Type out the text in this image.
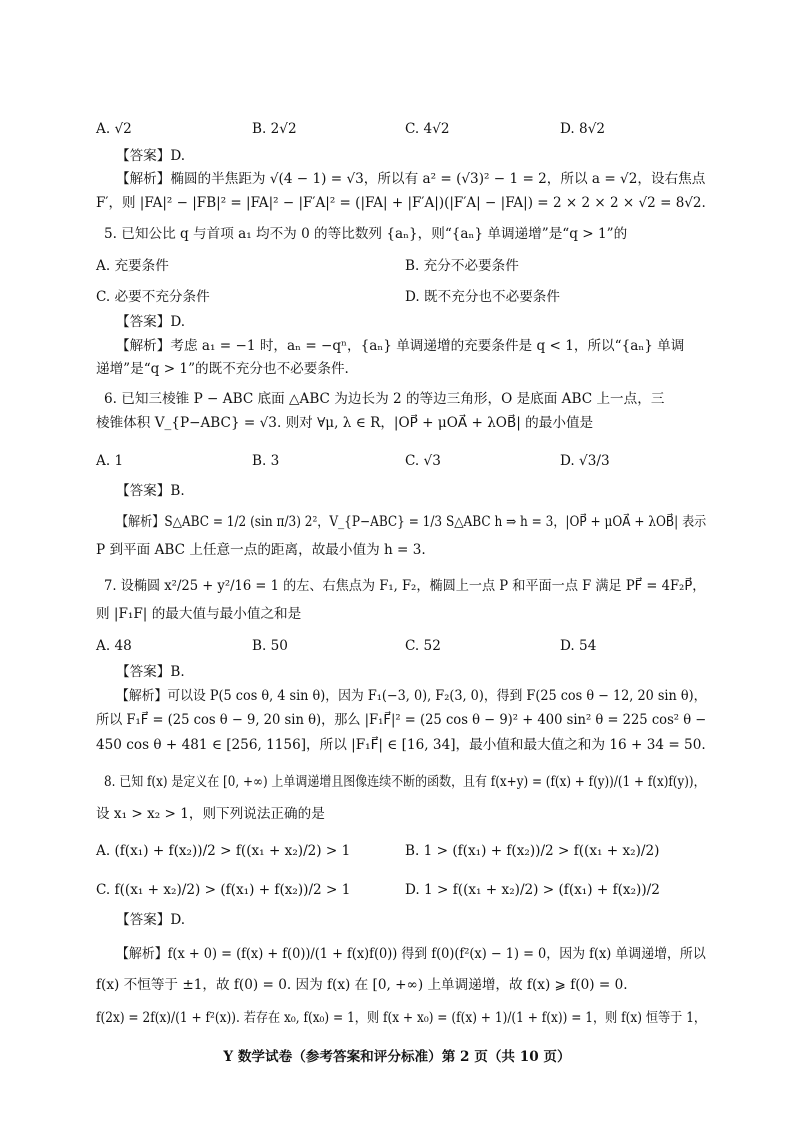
A. √2	B. 2√2	C. 4√2	D. 8√2
【答案】D.
【解析】椭圆的半焦距为 √(4 − 1) = √3，所以有 a² = (√3)² − 1 = 2，所以 a = √2，设右焦点
F′，则 |FA|² − |FB|² = |FA|² − |F′A|² = (|FA| + |F′A|)(|F′A| − |FA|) = 2 × 2 × 2 × √2 = 8√2.
5. 已知公比 q 与首项 a₁ 均不为 0 的等比数列 {aₙ}，则“{aₙ} 单调递增”是“q > 1”的
A. 充要条件	B. 充分不必要条件
C. 必要不充分条件	D. 既不充分也不必要条件
【答案】D.
【解析】考虑 a₁ = −1 时，aₙ = −qⁿ，{aₙ} 单调递增的充要条件是 q < 1，所以“{aₙ} 单调
递增”是“q > 1”的既不充分也不必要条件.
6. 已知三棱锥 P − ABC 底面 △ABC 为边长为 2 的等边三角形，O 是底面 ABC 上一点，三
棱锥体积 V_{P−ABC} = √3. 则对 ∀μ, λ ∈ R，|OP⃗ + μOA⃗ + λOB⃗| 的最小值是
A. 1	B. 3	C. √3	D. √3/3
【答案】B.
【解析】S△ABC = 1/2 (sin π/3) 2²，V_{P−ABC} = 1/3 S△ABC h ⇒ h = 3，|OP⃗ + μOA⃗ + λOB⃗| 表示
P 到平面 ABC 上任意一点的距离，故最小值为 h = 3.
7. 设椭圆 x²/25 + y²/16 = 1 的左、右焦点为 F₁, F₂，椭圆上一点 P 和平面一点 F 满足 PF⃗ = 4F₂P⃗，
则 |F₁F| 的最大值与最小值之和是
A. 48	B. 50	C. 52	D. 54
【答案】B.
【解析】可以设 P(5 cos θ, 4 sin θ)，因为 F₁(−3, 0), F₂(3, 0)，得到 F(25 cos θ − 12, 20 sin θ)，
所以 F₁F⃗ = (25 cos θ − 9, 20 sin θ)，那么 |F₁F⃗|² = (25 cos θ − 9)² + 400 sin² θ = 225 cos² θ −
450 cos θ + 481 ∈ [256, 1156]，所以 |F₁F⃗| ∈ [16, 34]，最小值和最大值之和为 16 + 34 = 50.
8. 已知 f(x) 是定义在 [0, +∞) 上单调递增且图像连续不断的函数，且有 f(x+y) = (f(x) + f(y))/(1 + f(x)f(y))，
设 x₁ > x₂ > 1，则下列说法正确的是
A. (f(x₁) + f(x₂))/2 > f((x₁ + x₂)/2) > 1	B. 1 > (f(x₁) + f(x₂))/2 > f((x₁ + x₂)/2)
C. f((x₁ + x₂)/2) > (f(x₁) + f(x₂))/2 > 1	D. 1 > f((x₁ + x₂)/2) > (f(x₁) + f(x₂))/2
【答案】D.
【解析】f(x + 0) = (f(x) + f(0))/(1 + f(x)f(0)) 得到 f(0)(f²(x) − 1) = 0，因为 f(x) 单调递增，所以
f(x) 不恒等于 ±1，故 f(0) = 0. 因为 f(x) 在 [0, +∞) 上单调递增，故 f(x) ⩾ f(0) = 0.
f(2x) = 2f(x)/(1 + f²(x)). 若存在 x₀, f(x₀) = 1，则 f(x + x₀) = (f(x) + 1)/(1 + f(x)) = 1，则 f(x) 恒等于 1，
Y 数学试卷（参考答案和评分标准）第 2 页（共 10 页）
